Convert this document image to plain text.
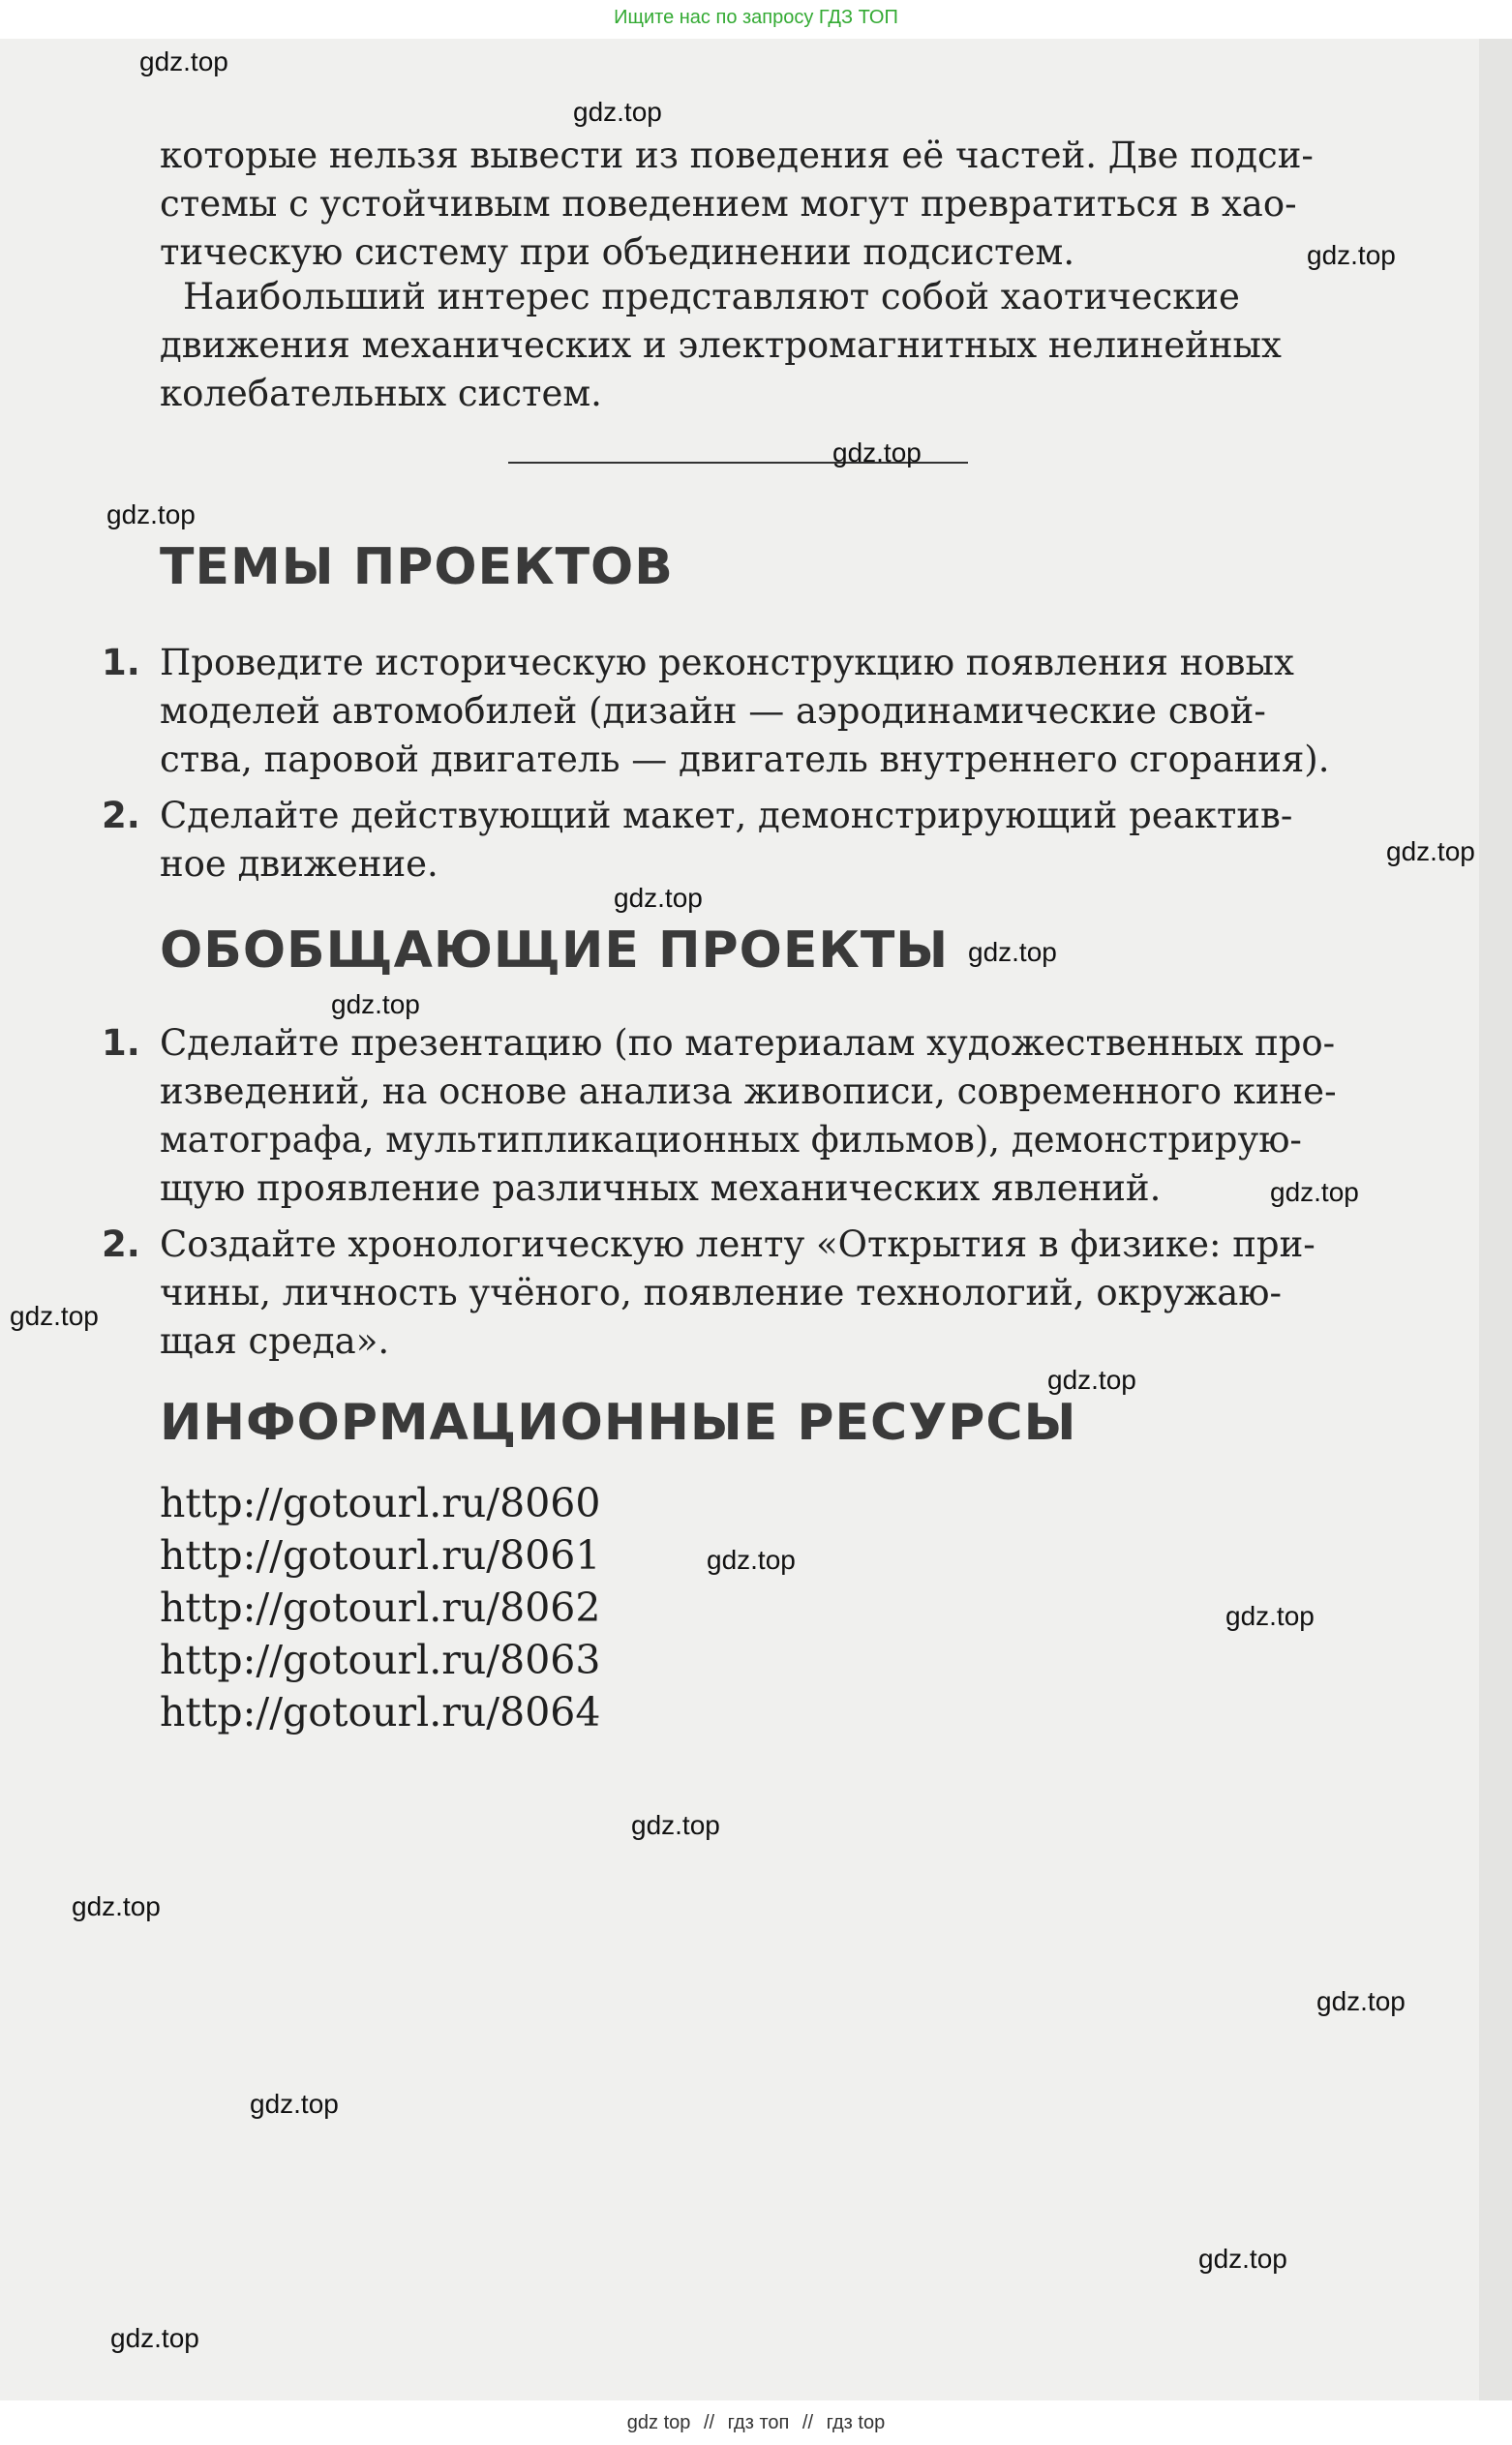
Ищите нас по запросу ГДЗ ТОП
которые нельзя вывести из поведения её частей. Две подси-
стемы с устойчивым поведением могут превратиться в хао-
тическую систему при объединении подсистем.
Наибольший интерес представляют собой хаотические
движения механических и электромагнитных нелинейных
колебательных систем.
ТЕМЫ ПРОЕКТОВ
1. Проведите историческую реконструкцию появления новых
моделей автомобилей (дизайн — аэродинамические свой-
ства, паровой двигатель — двигатель внутреннего сгорания).
2. Сделайте действующий макет, демонстрирующий реактив-
ное движение.
ОБОБЩАЮЩИЕ ПРОЕКТЫ
1. Сделайте презентацию (по материалам художественных про-
изведений, на основе анализа живописи, современного кине-
матографа, мультипликационных фильмов), демонстрирую-
щую проявление различных механических явлений.
2. Создайте хронологическую ленту «Открытия в физике: при-
чины, личность учёного, появление технологий, окружаю-
щая среда».
ИНФОРМАЦИОННЫЕ РЕСУРСЫ
http://gotourl.ru/8060
http://gotourl.ru/8061
http://gotourl.ru/8062
http://gotourl.ru/8063
http://gotourl.ru/8064
gdz.top
gdz.top
gdz.top
gdz.top
gdz.top
gdz.top
gdz.top
gdz.top
gdz.top
gdz.top
gdz.top
gdz.top
gdz.top
gdz.top
gdz.top
gdz.top
gdz.top
gdz.top
gdz.top
gdz.top
gdz top // гдз топ // гдз top
